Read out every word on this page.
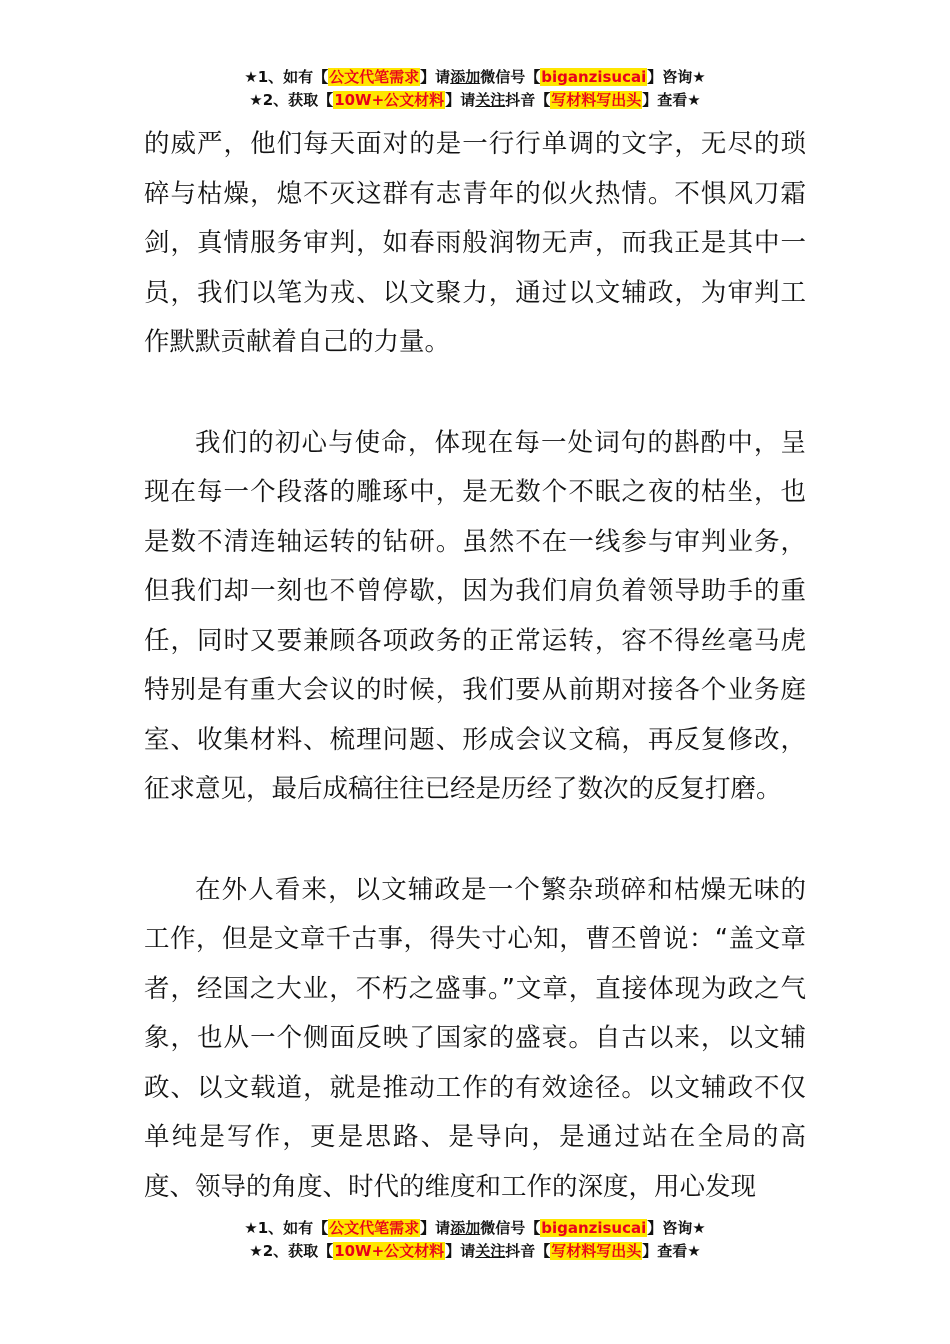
★1、如有【公文代笔需求】请添加微信号【biganzisucai】咨询★
★2、获取【10W+公文材料】请关注抖音【写材料写出头】查看★

的威严，他们每天面对的是一行行单调的文字，无尽的琐碎与枯燥，熄不灭这群有志青年的似火热情。不惧风刀霜剑，真情服务审判，如春雨般润物无声，而我正是其中一员，我们以笔为戎、以文聚力，通过以文辅政，为审判工作默默贡献着自己的力量。

我们的初心与使命，体现在每一处词句的斟酌中，呈现在每一个段落的雕琢中，是无数个不眠之夜的枯坐，也是数不清连轴运转的钻研。虽然不在一线参与审判业务，但我们却一刻也不曾停歇，因为我们肩负着领导助手的重任，同时又要兼顾各项政务的正常运转，容不得丝毫马虎特别是有重大会议的时候，我们要从前期对接各个业务庭室、收集材料、梳理问题、形成会议文稿，再反复修改，征求意见，最后成稿往往已经是历经了数次的反复打磨。

在外人看来，以文辅政是一个繁杂琐碎和枯燥无味的工作，但是文章千古事，得失寸心知，曹丕曾说：“盖文章者，经国之大业，不朽之盛事。”文章，直接体现为政之气象，也从一个侧面反映了国家的盛衰。自古以来，以文辅政、以文载道，就是推动工作的有效途径。以文辅政不仅单纯是写作，更是思路、是导向，是通过站在全局的高度、领导的角度、时代的维度和工作的深度，用心发现

★1、如有【公文代笔需求】请添加微信号【biganzisucai】咨询★
★2、获取【10W+公文材料】请关注抖音【写材料写出头】查看★
